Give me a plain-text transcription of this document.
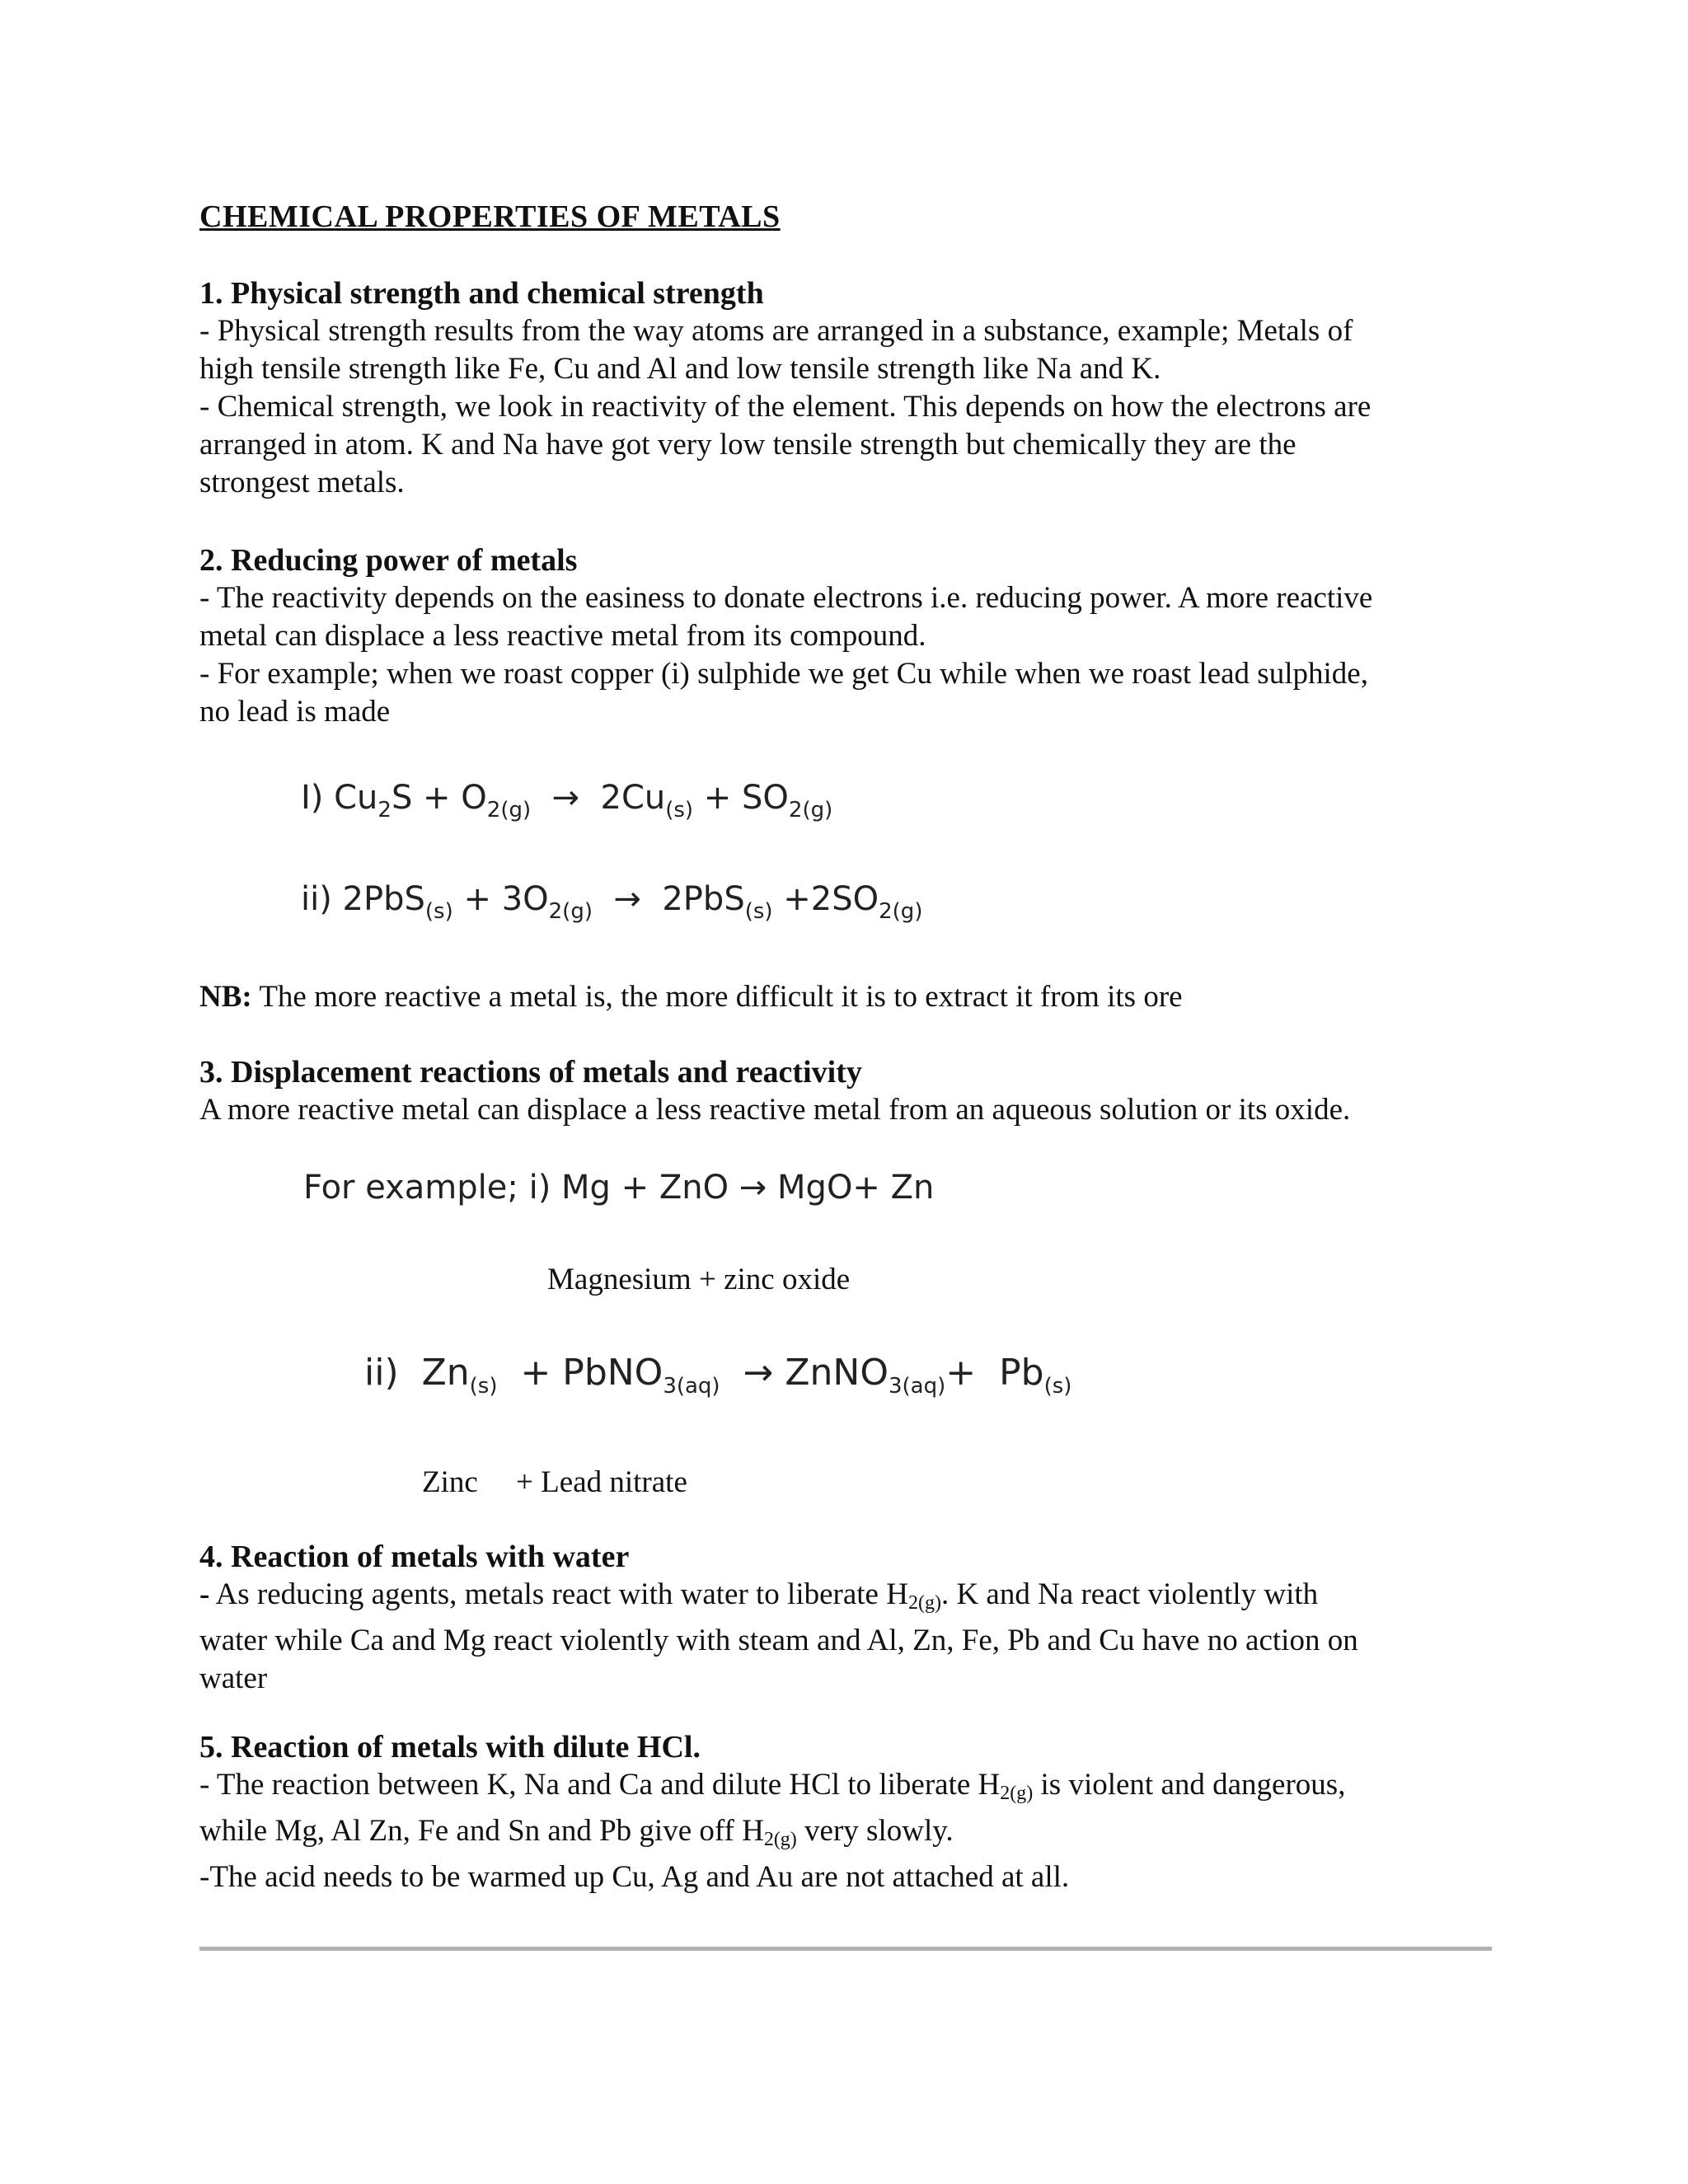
CHEMICAL PROPERTIES OF METALS

1. Physical strength and chemical strength

- Physical strength results from the way atoms are arranged in a substance, example; Metals of

high tensile strength like Fe, Cu and Al and low tensile strength like Na and K.

- Chemical strength, we look in reactivity of the element. This depends on how the electrons are

arranged in atom. K and Na have got very low tensile strength but chemically they are the

strongest metals.

2. Reducing power of metals

- The reactivity depends on the easiness to donate electrons i.e. reducing power. A more reactive

metal can displace a less reactive metal from its compound.

- For example; when we roast copper (i) sulphide we get Cu while when we roast lead sulphide,

no lead is made

I) $Cu_2S + O_{2(g)} \to 2Cu_{(s)} + SO_{2(g)}$
ii) $2PbS_{(s)} + 3O_{2(g)} \to 2PbS_{(s)} +2SO_{2(g)}$
NB: The more reactive a metal is, the more difficult it is to extract it from its ore

3. Displacement reactions of metals and reactivity

A more reactive metal can displace a less reactive metal from an aqueous solution or its oxide.

For example; i) Mg + ZnO → MgO+ Zn
Magnesium + zinc oxide
ii)  $Zn_{(s)}$  + PbNO$_{3(aq)}$  → ZnNO$_{3(aq)}$+  $Pb_{(s)}$
Zinc     + Lead nitrate

4. Reaction of metals with water

- As reducing agents, metals react with water to liberate $H_{2(g)}$. K and Na react violently with

water while Ca and Mg react violently with steam and Al, Zn, Fe, Pb and Cu have no action on

water

5. Reaction of metals with dilute HCl.

- The reaction between K, Na and Ca and dilute HCl to liberate $H_{2(g)}$ is violent and dangerous,

while Mg, Al Zn, Fe and Sn and Pb give off $H_{2(g)}$ very slowly.

-The acid needs to be warmed up Cu, Ag and Au are not attached at all.
